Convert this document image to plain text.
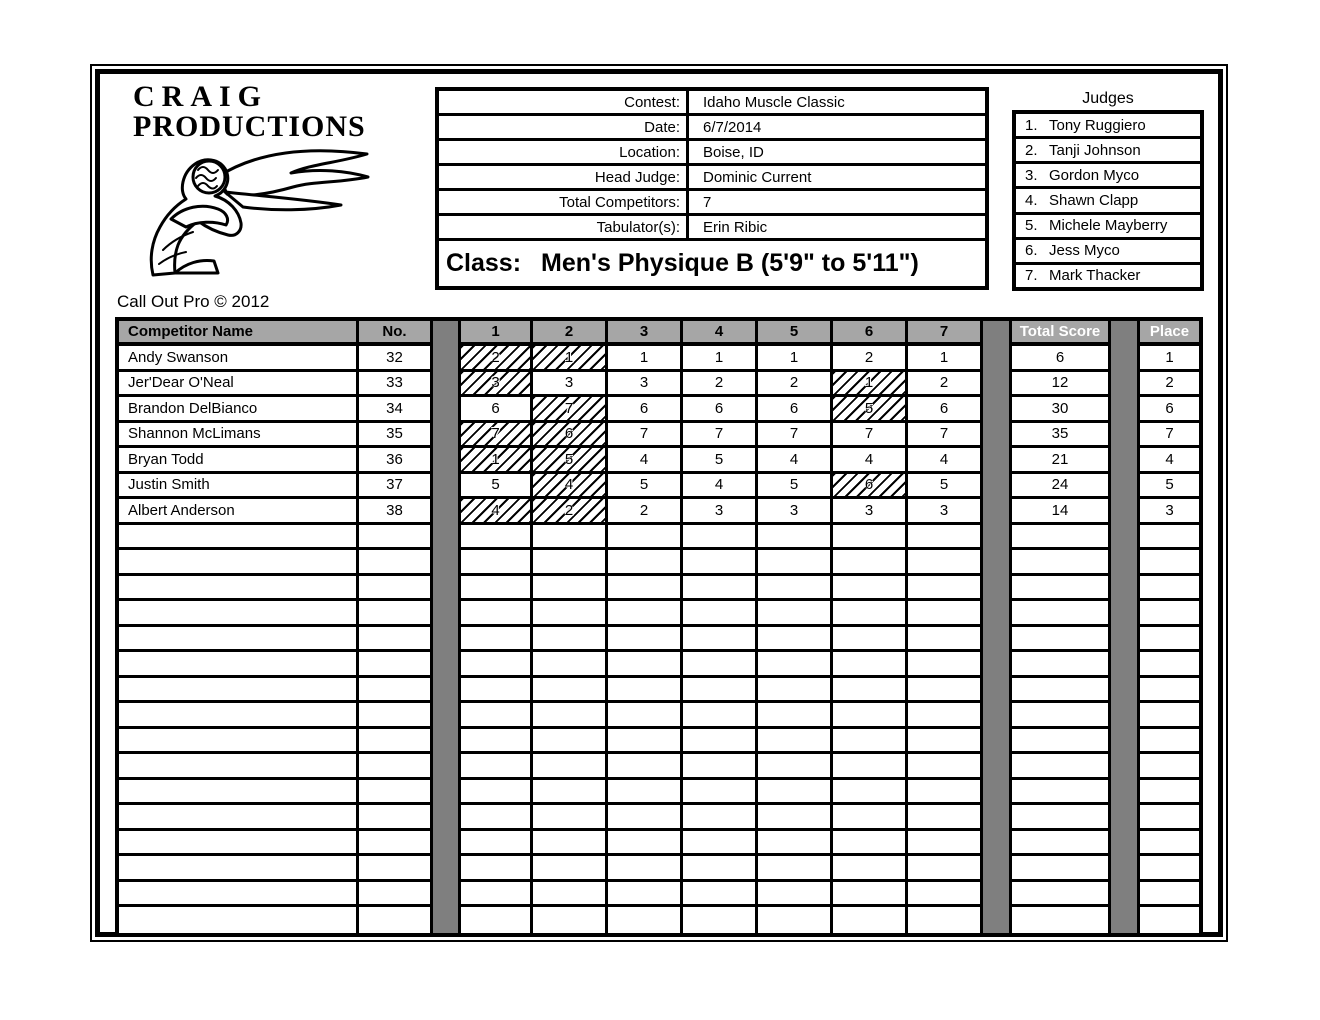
CRAIG
PRODUCTIONS
Call Out Pro © 2012
Contest:	Idaho Muscle Classic
Date:	6/7/2014
Location:	Boise, ID
Head Judge:	Dominic Current
Total Competitors:	7
Tabulator(s):	Erin Ribic
Class: Men's Physique B (5'9" to 5'11")
Judges
1. Tony Ruggiero
2. Tanji Johnson
3. Gordon Myco
4. Shawn Clapp
5. Michele Mayberry
6. Jess Myco
7. Mark Thacker
Competitor Name	No.	1	2	3	4	5	6	7	Total Score	Place
Andy Swanson	32	2	1	1	1	1	2	1	6	1
Jer'Dear O'Neal	33	3	3	3	2	2	1	2	12	2
Brandon DelBianco	34	6	7	6	6	6	5	6	30	6
Shannon McLimans	35	7	6	7	7	7	7	7	35	7
Bryan Todd	36	1	5	4	5	4	4	4	21	4
Justin Smith	37	5	4	5	4	5	6	5	24	5
Albert Anderson	38	4	2	2	3	3	3	3	14	3
